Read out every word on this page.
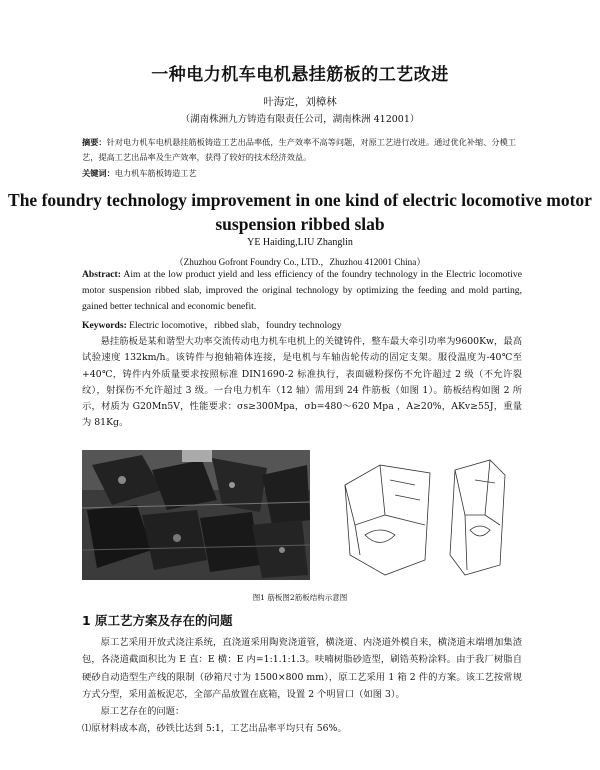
一种电力机车电机悬挂筋板的工艺改进
叶海定，刘樟林
（湖南株洲九方铸造有限责任公司，湖南株洲 412001）
摘要：针对电力机车电机悬挂筋板铸造工艺出品率低，生产效率不高等问题，对原工艺进行改进。通过优化补缩、分模工艺，提高工艺出品率及生产效率，获得了较好的技术经济效益。
关键词：电力机车筋板铸造工艺
The foundry technology improvement in one kind of electric locomotive motor suspension ribbed slab
YE Haiding,LIU Zhanglin
（Zhuzhou Gofront Foundry Co., LTD.，Zhuzhou 412001 China）
Abstract: Aim at the low product yield and less efficiency of the foundry technology in the Electric locomotive motor suspension ribbed slab, improved the original technology by optimizing the feeding and mold parting, gained better technical and economic benefit.
Keywords: Electric locomotive，ribbed slab，foundry technology

悬挂筋板是某和谐型大功率交流传动电力机车电机上的关键铸件，整车最大牵引功率为9600Kw，最高试验速度 132km/h。该铸件与抱轴箱体连接，是电机与车轴齿轮传动的固定支架。服役温度为-40℃至+40℃，铸件内外质量要求按照标准 DIN1690-2 标准执行，表面磁粉探伤不允许超过 2 级（不允许裂纹），射探伤不允许超过 3 级。一台电力机车（12 轴）需用到 24 件筋板（如图 1）。筋板结构如图 2 所示，材质为 G20Mn5V，性能要求：σs≥300Mpa，σb=480～620 Mpa ，A≥20%，AKv≥55J，重量为 81Kg。

图1 筋板图2筋板结构示意图
1 原工艺方案及存在的问题

原工艺采用开放式浇注系统，直浇道采用陶瓷浇道管，横浇道、内浇道外模自来，横浇道末端增加集渣包，各浇道截面积比为 E 直：E 横：E 内=1:1.1:1.3。呋喃树脂砂造型，刷锆英粉涂料。由于我厂树脂自硬砂自动造型生产线的限制（砂箱尺寸为 1500×800 mm），原工艺采用 1 箱 2 件的方案。该工艺按常规方式分型，采用盖板泥芯，全部产品放置在底箱，设置 2 个明冒口（如图 3）。

原工艺存在的问题：

⑴原材料成本高，砂铁比达到 5:1，工艺出品率平均只有 56%。
